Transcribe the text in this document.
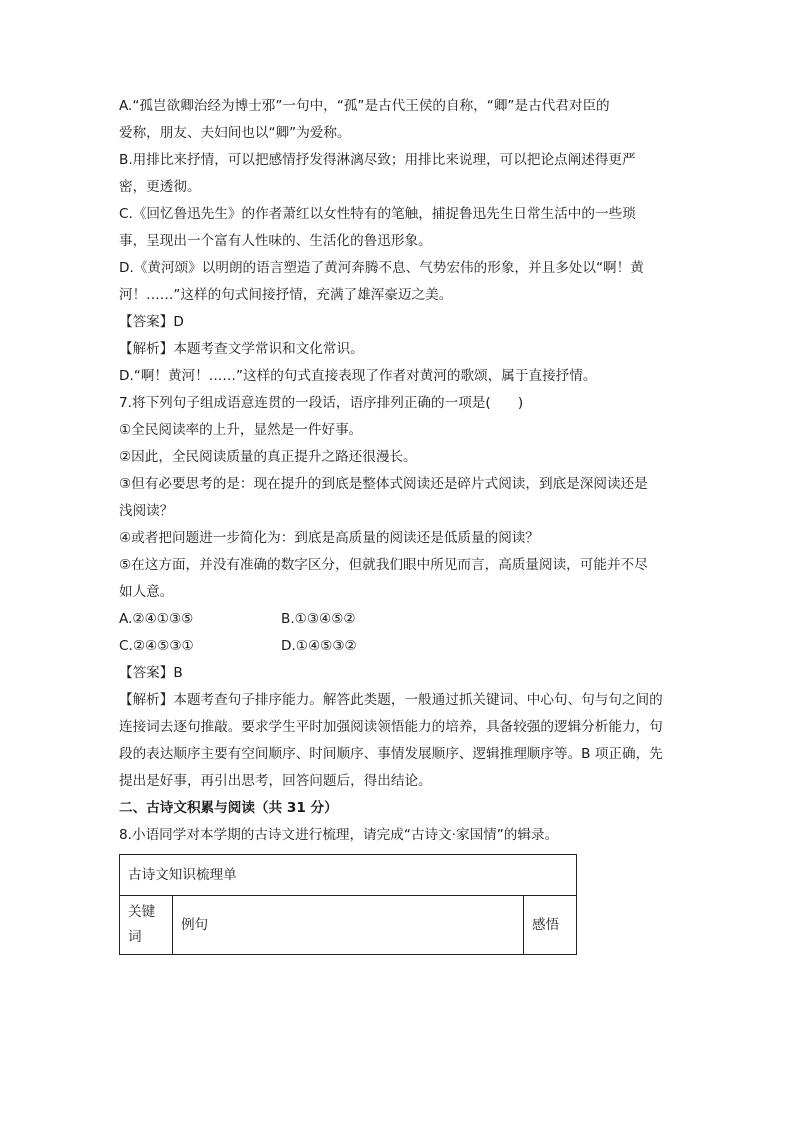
A.“孤岂欲卿治经为博士邪”一句中，“孤”是古代王侯的自称，“卿”是古代君对臣的

爱称，朋友、夫妇间也以“卿”为爱称。

B.用排比来抒情，可以把感情抒发得淋漓尽致；用排比来说理，可以把论点阐述得更严

密，更透彻。

C.《回忆鲁迅先生》的作者萧红以女性特有的笔触，捕捉鲁迅先生日常生活中的一些琐

事，呈现出一个富有人性味的、生活化的鲁迅形象。

D.《黄河颂》以明朗的语言塑造了黄河奔腾不息、气势宏伟的形象，并且多处以“啊！黄

河！……”这样的句式间接抒情，充满了雄浑豪迈之美。

【答案】D

【解析】本题考查文学常识和文化常识。

D.“啊！黄河！……”这样的句式直接表现了作者对黄河的歌颂，属于直接抒情。

7.将下列句子组成语意连贯的一段话，语序排列正确的一项是(　　)

①全民阅读率的上升，显然是一件好事。

②因此，全民阅读质量的真正提升之路还很漫长。

③但有必要思考的是：现在提升的到底是整体式阅读还是碎片式阅读，到底是深阅读还是

浅阅读？

④或者把问题进一步简化为：到底是高质量的阅读还是低质量的阅读？

⑤在这方面，并没有准确的数字区分，但就我们眼中所见而言，高质量阅读，可能并不尽

如人意。

A.②④①③⑤	B.①③④⑤②
C.②④⑤③①	D.①④⑤③②

【答案】B

【解析】本题考查句子排序能力。解答此类题，一般通过抓关键词、中心句、句与句之间的

连接词去逐句推敲。要求学生平时加强阅读领悟能力的培养，具备较强的逻辑分析能力，句

段的表达顺序主要有空间顺序、时间顺序、事情发展顺序、逻辑推理顺序等。B 项正确，先

提出是好事，再引出思考，回答问题后，得出结论。

二、古诗文积累与阅读（共 31 分）

8.小语同学对本学期的古诗文进行梳理，请完成“古诗文·家国情”的辑录。

古诗文知识梳理单
关键
词	例句	感悟
